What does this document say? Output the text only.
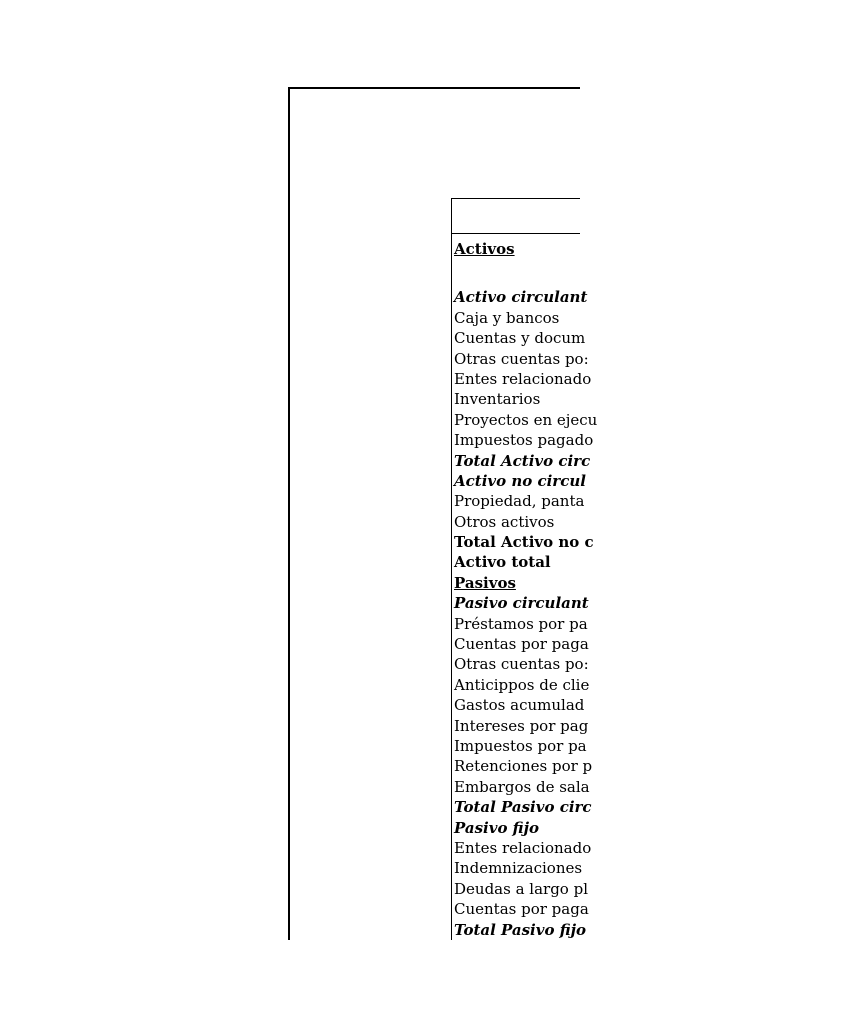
Activos
Activo circulant
Caja y bancos
Cuentas y docum
Otras cuentas po:
Entes relacionado
Inventarios
Proyectos en ejecu
Impuestos pagado
Total Activo circ
Activo no circul
Propiedad, panta
Otros activos
Total Activo no c
Activo total
Pasivos
Pasivo circulant
Préstamos por pa
Cuentas por paga
Otras cuentas po:
Anticippos de clie
Gastos acumulad
Intereses por pag
Impuestos por pa
Retenciones por p
Embargos de sala
Total Pasivo circ
Pasivo fijo
Entes relacionado
Indemnizaciones
Deudas a largo pl
Cuentas por paga
Total Pasivo fijo
